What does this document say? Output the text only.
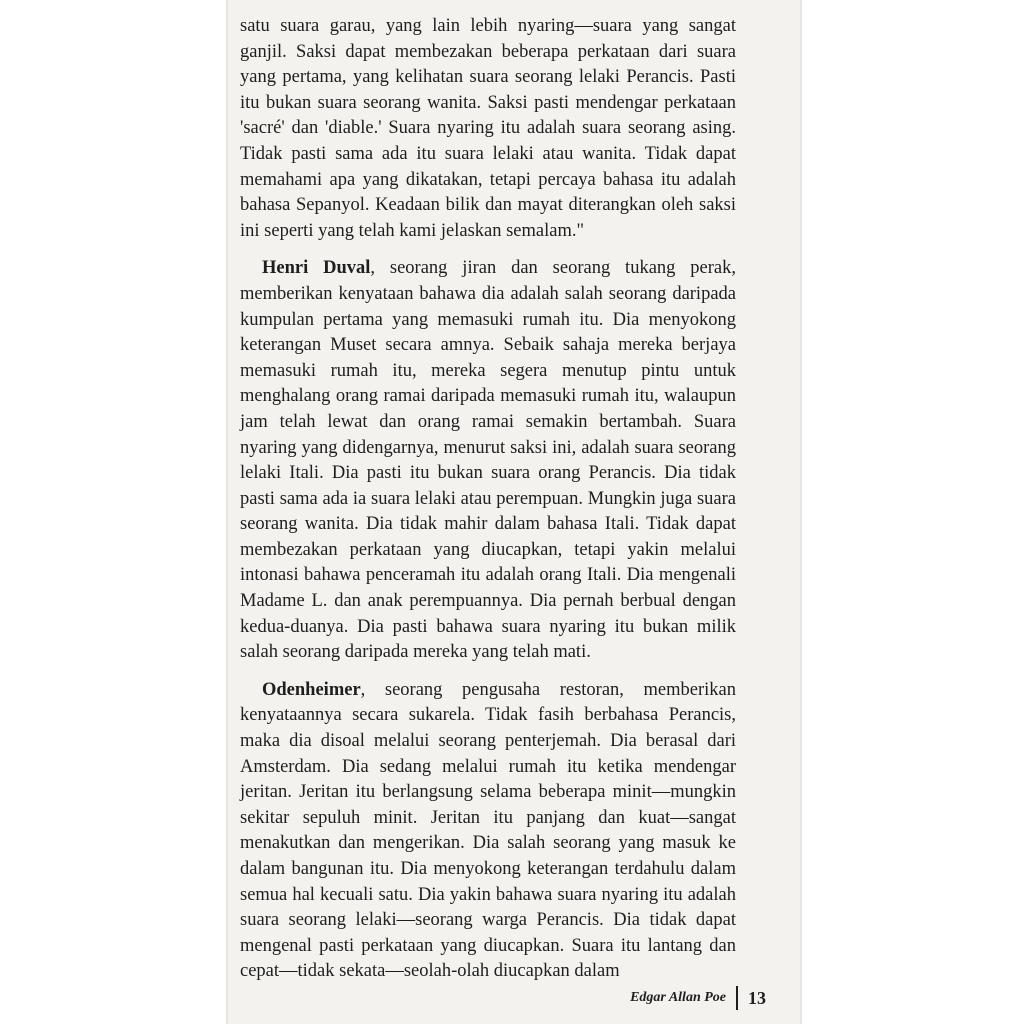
satu suara garau, yang lain lebih nyaring—suara yang sangat ganjil. Saksi dapat membezakan beberapa perkataan dari suara yang pertama, yang kelihatan suara seorang lelaki Perancis. Pasti itu bukan suara seorang wanita. Saksi pasti mendengar perkataan 'sacré' dan 'diable.' Suara nyaring itu adalah suara seorang asing. Tidak pasti sama ada itu suara lelaki atau wanita. Tidak dapat memahami apa yang dikatakan, tetapi percaya bahasa itu adalah bahasa Sepanyol. Keadaan bilik dan mayat diterangkan oleh saksi ini seperti yang telah kami jelaskan semalam."

Henri Duval, seorang jiran dan seorang tukang perak, memberikan kenyataan bahawa dia adalah salah seorang daripada kumpulan pertama yang memasuki rumah itu. Dia menyokong keterangan Muset secara amnya. Sebaik sahaja mereka berjaya memasuki rumah itu, mereka segera menutup pintu untuk menghalang orang ramai daripada memasuki rumah itu, walaupun jam telah lewat dan orang ramai semakin bertambah. Suara nyaring yang didengarnya, menurut saksi ini, adalah suara seorang lelaki Itali. Dia pasti itu bukan suara orang Perancis. Dia tidak pasti sama ada ia suara lelaki atau perempuan. Mungkin juga suara seorang wanita. Dia tidak mahir dalam bahasa Itali. Tidak dapat membezakan perkataan yang diucapkan, tetapi yakin melalui intonasi bahawa penceramah itu adalah orang Itali. Dia mengenali Madame L. dan anak perempuannya. Dia pernah berbual dengan kedua-duanya. Dia pasti bahawa suara nyaring itu bukan milik salah seorang daripada mereka yang telah mati.

Odenheimer, seorang pengusaha restoran, memberikan kenyataannya secara sukarela. Tidak fasih berbahasa Perancis, maka dia disoal melalui seorang penterjemah. Dia berasal dari Amsterdam. Dia sedang melalui rumah itu ketika mendengar jeritan. Jeritan itu berlangsung selama beberapa minit—mungkin sekitar sepuluh minit. Jeritan itu panjang dan kuat—sangat menakutkan dan mengerikan. Dia salah seorang yang masuk ke dalam bangunan itu. Dia menyokong keterangan terdahulu dalam semua hal kecuali satu. Dia yakin bahawa suara nyaring itu adalah suara seorang lelaki—seorang warga Perancis. Dia tidak dapat mengenal pasti perkataan yang diucapkan. Suara itu lantang dan cepat—tidak sekata—seolah-olah diucapkan dalam

Edgar Allan Poe 13
